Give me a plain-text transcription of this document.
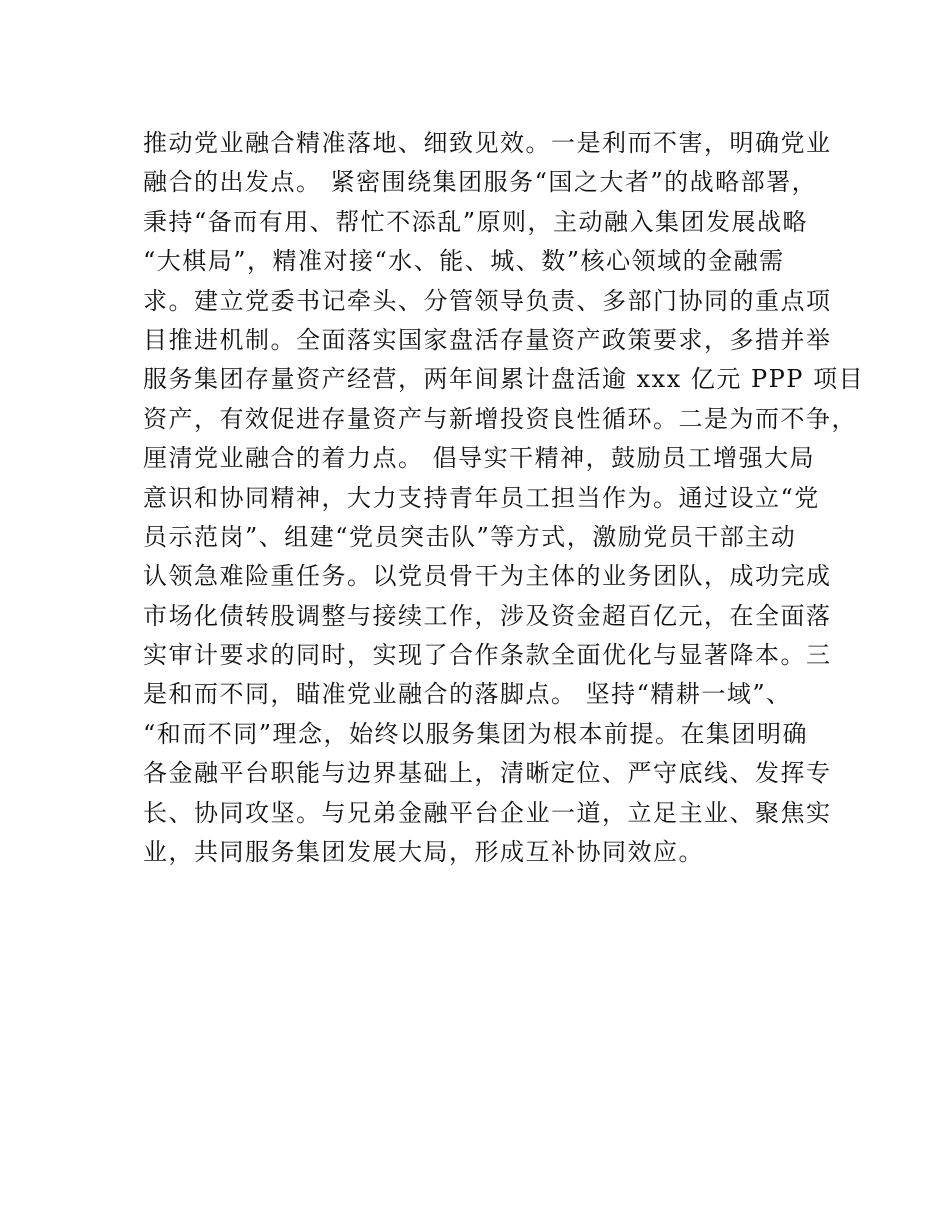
推动党业融合精准落地、细致见效。一是利而不害，明确党业
融合的出发点。 紧密围绕集团服务“国之大者”的战略部署，
秉持“备而有用、帮忙不添乱”原则，主动融入集团发展战略
“大棋局”，精准对接“水、能、城、数”核心领域的金融需
求。建立党委书记牵头、分管领导负责、多部门协同的重点项
目推进机制。全面落实国家盘活存量资产政策要求，多措并举
服务集团存量资产经营，两年间累计盘活逾 xxx 亿元 PPP 项目
资产，有效促进存量资产与新增投资良性循环。二是为而不争，
厘清党业融合的着力点。 倡导实干精神，鼓励员工增强大局
意识和协同精神，大力支持青年员工担当作为。通过设立“党
员示范岗”、组建“党员突击队”等方式，激励党员干部主动
认领急难险重任务。以党员骨干为主体的业务团队，成功完成
市场化债转股调整与接续工作，涉及资金超百亿元，在全面落
实审计要求的同时，实现了合作条款全面优化与显著降本。三
是和而不同，瞄准党业融合的落脚点。 坚持“精耕一域”、
“和而不同”理念，始终以服务集团为根本前提。在集团明确
各金融平台职能与边界基础上，清晰定位、严守底线、发挥专
长、协同攻坚。与兄弟金融平台企业一道，立足主业、聚焦实
业，共同服务集团发展大局，形成互补协同效应。
